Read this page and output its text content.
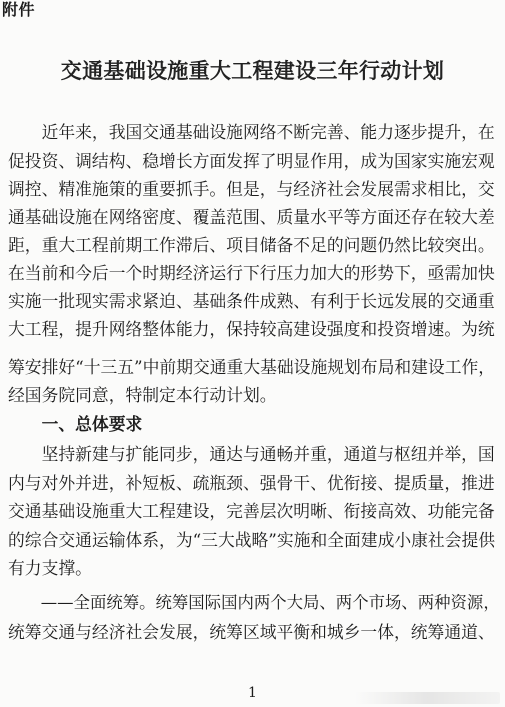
附件
交通基础设施重大工程建设三年行动计划
　　近年来，我国交通基础设施网络不断完善、能力逐步提升，在
促投资、调结构、稳增长方面发挥了明显作用，成为国家实施宏观
调控、精准施策的重要抓手。但是，与经济社会发展需求相比，交
通基础设施在网络密度、覆盖范围、质量水平等方面还存在较大差
距，重大工程前期工作滞后、项目储备不足的问题仍然比较突出。
在当前和今后一个时期经济运行下行压力加大的形势下，亟需加快
实施一批现实需求紧迫、基础条件成熟、有利于长远发展的交通重
大工程，提升网络整体能力，保持较高建设强度和投资增速。为统
筹安排好“十三五”中前期交通重大基础设施规划布局和建设工作，
经国务院同意，特制定本行动计划。
　　一、总体要求
　　坚持新建与扩能同步，通达与通畅并重，通道与枢纽并举，国
内与对外并进，补短板、疏瓶颈、强骨干、优衔接、提质量，推进
交通基础设施重大工程建设，完善层次明晰、衔接高效、功能完备
的综合交通运输体系，为“三大战略”实施和全面建成小康社会提供
有力支撑。
　　——全面统筹。统筹国际国内两个大局、两个市场、两种资源，
统筹交通与经济社会发展，统筹区域平衡和城乡一体，统筹通道、
1
